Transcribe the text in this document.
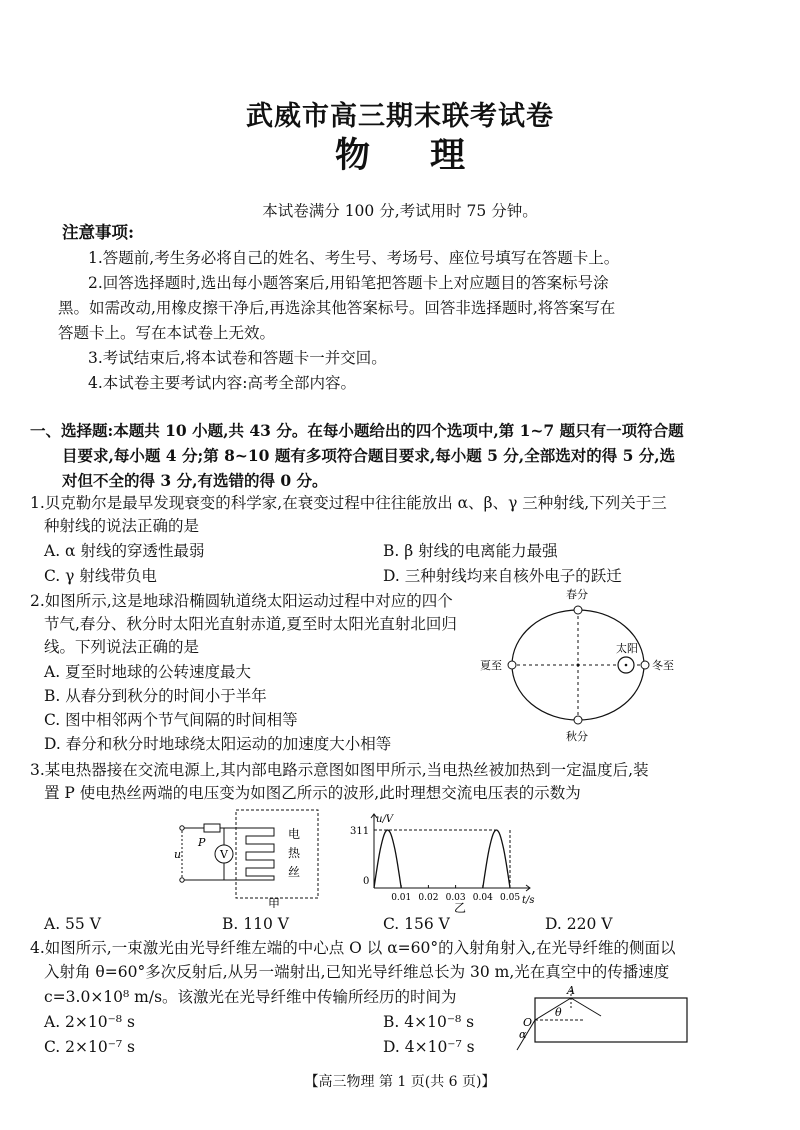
武威市高三期末联考试卷
物理
本试卷满分 100 分,考试用时 75 分钟。
注意事项:
1.答题前,考生务必将自己的姓名、考生号、考场号、座位号填写在答题卡上。
2.回答选择题时,选出每小题答案后,用铅笔把答题卡上对应题目的答案标号涂
黑。如需改动,用橡皮擦干净后,再选涂其他答案标号。回答非选择题时,将答案写在
答题卡上。写在本试卷上无效。
3.考试结束后,将本试卷和答题卡一并交回。
4.本试卷主要考试内容:高考全部内容。
一、选择题:本题共 10 小题,共 43 分。在每小题给出的四个选项中,第 1~7 题只有一项符合题
目要求,每小题 4 分;第 8~10 题有多项符合题目要求,每小题 5 分,全部选对的得 5 分,选
对但不全的得 3 分,有选错的得 0 分。
1.贝克勒尔是最早发现衰变的科学家,在衰变过程中往往能放出 α、β、γ 三种射线,下列关于三
种射线的说法正确的是
A. α 射线的穿透性最弱	B. β 射线的电离能力最强
C. γ 射线带负电	D. 三种射线均来自核外电子的跃迁
2.如图所示,这是地球沿椭圆轨道绕太阳运动过程中对应的四个
节气,春分、秋分时太阳光直射赤道,夏至时太阳光直射北回归
线。下列说法正确的是
A. 夏至时地球的公转速度最大
B. 从春分到秋分的时间小于半年
C. 图中相邻两个节气间隔的时间相等
D. 春分和秋分时地球绕太阳运动的加速度大小相等
春分
秋分
夏至	冬至
太阳
3.某电热器接在交流电源上,其内部电路示意图如图甲所示,当电热丝被加热到一定温度后,装
置 P 使电热丝两端的电压变为如图乙所示的波形,此时理想交流电压表的示数为
u
P
V
电
热
丝
甲
u/V
311
0
0.01 0.02 0.03 0.04 0.05 t/s
乙
A. 55 V	B. 110 V	C. 156 V	D. 220 V
4.如图所示,一束激光由光导纤维左端的中心点 O 以 α=60°的入射角射入,在光导纤维的侧面以
入射角 θ=60°多次反射后,从另一端射出,已知光导纤维总长为 30 m,光在真空中的传播速度
c=3.0×10⁸ m/s。该激光在光导纤维中传输所经历的时间为
A. 2×10⁻⁸ s	B. 4×10⁻⁸ s
C. 2×10⁻⁷ s	D. 4×10⁻⁷ s
O
A
θ
α
【高三物理 第 1 页(共 6 页)】
